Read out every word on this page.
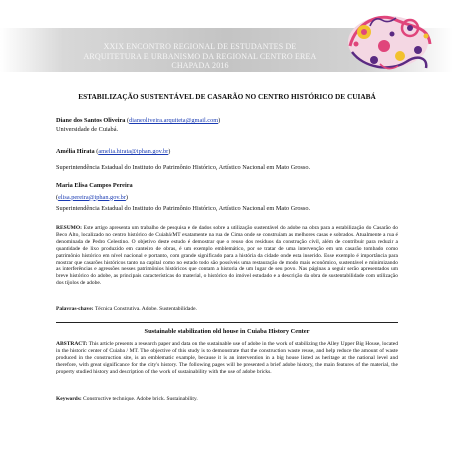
XXIX ENCONTRO REGIONAL DE ESTUDANTES DE
ARQUITETURA E URBANISMO DA REGIONAL CENTRO EREA
CHAPADA 2016
ESTABILIZAÇÃO SUSTENTÁVEL DE CASARÃO NO CENTRO HISTÓRICO DE CUIABÁ
Diane dos Santos Oliveira (dianeoliveira.arquiteta@gmail.com)
Universidade de Cuiabá.
Amélia Hirata (amelia.hirata@iphan.gov.br)
Superintendência Estadual do Instituto do Patrimônio Histórico, Artístico Nacional em Mato Grosso.
Maria Elisa Campos Pereira
(elisa.pereira@iphan.gov.br)
Superintendência Estadual do Instituto do Patrimônio Histórico, Artístico Nacional em Mato Grosso.
RESUMO: Este artigo apresenta um trabalho de pesquisa e de dados sobre a utilização sustentável do adobe na obra para a estabilização do Casarão do Beco Alto, localizado no centro histórico de Cuiabá/MT exatamente na rua de Cima onde se construíam as melhores casas e sobrados. Atualmente a rua é denominada de Pedro Celestino. O objetivo deste estudo é demostrar que o reuso dos resíduos da construção civil, além de contribuir para reduzir a quantidade de lixo produzido em canteiro de obras, é um exemplo emblemático, por se tratar de uma intervenção em um casarão tombado como patrimônio histórico em nível nacional e portanto, com grande significado para a história da cidade onde esta inserido. Esse exemplo é importância para mostrar que casarões históricos tanto na capital como no estado todo são possíveis uma restauração de modo mais econômico, sustentável e minimizando as interferências e agressões nesses patrimônios históricos que contam a historia de um lugar de seu povo. Nas páginas a seguir serão apresentados um breve histórico do adobe, as principais características do material, o histórico do imóvel estudado e a descrição da obra de sustentabilidade com utilização dos tijolos de adobe.
Palavras-chave: Técnica Construtiva. Adobe. Sustentabilidade.
Sustainable stabilization old house in Cuiaba History Center
ABSTRACT: This article presents a research paper and data on the sustainable use of adobe in the work of stabilizing the Alley Upper Big House, located in the historic center of Cuiaba / MT. The objective of this study is to demonstrate that the construction waste reuse, and help reduce the amount of waste produced in the construction site, is an emblematic example, because it is an intervention in a big house listed as heritage at the national level and therefore, with great significance for the city's history. The following pages will be presented a brief adobe history, the main features of the material, the property studied history and description of the work of sustainability with the use of adobe bricks.
Keywords: Constructive technique. Adobe brick. Sustainability.
